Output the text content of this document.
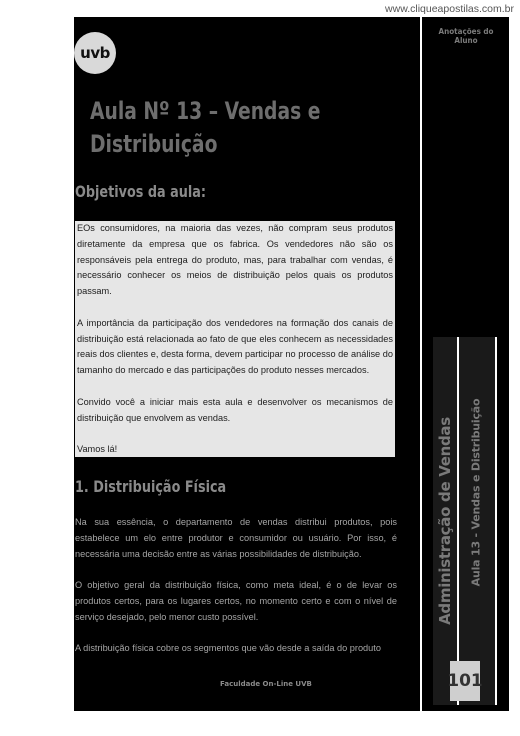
www.cliqueapostilas.com.br
uvb
Anotações do Aluno
Aula Nº 13 – Vendas e Distribuição
Objetivos da aula:

EOs consumidores, na maioria das vezes, não compram seus produtos diretamente da empresa que os fabrica. Os vendedores não são os responsáveis pela entrega do produto, mas, para trabalhar com vendas, é necessário conhecer os meios de distribuição pelos quais os produtos passam.

A importância da participação dos vendedores na formação dos canais de distribuição está relacionada ao fato de que eles conhecem as necessidades reais dos clientes e, desta forma, devem participar no processo de análise do tamanho do mercado e das participações do produto nesses mercados.

Convido você a iniciar mais esta aula e desenvolver os mecanismos de distribuição que envolvem as vendas.

Vamos lá!

1. Distribuição Física

Na sua essência, o departamento de vendas distribui produtos, pois estabelece um elo entre produtor e consumidor ou usuário. Por isso, é necessária uma decisão entre as várias possibilidades de distribuição.

O objetivo geral da distribuição física, como meta ideal, é o de levar os produtos certos, para os lugares certos, no momento certo e com o nível de serviço desejado, pelo menor custo possível.

A distribuição física cobre os segmentos que vão desde a saída do produto

Faculdade On-Line UVB
Administração de Vendas Aula 13 - Vendas e Distribuição
101
